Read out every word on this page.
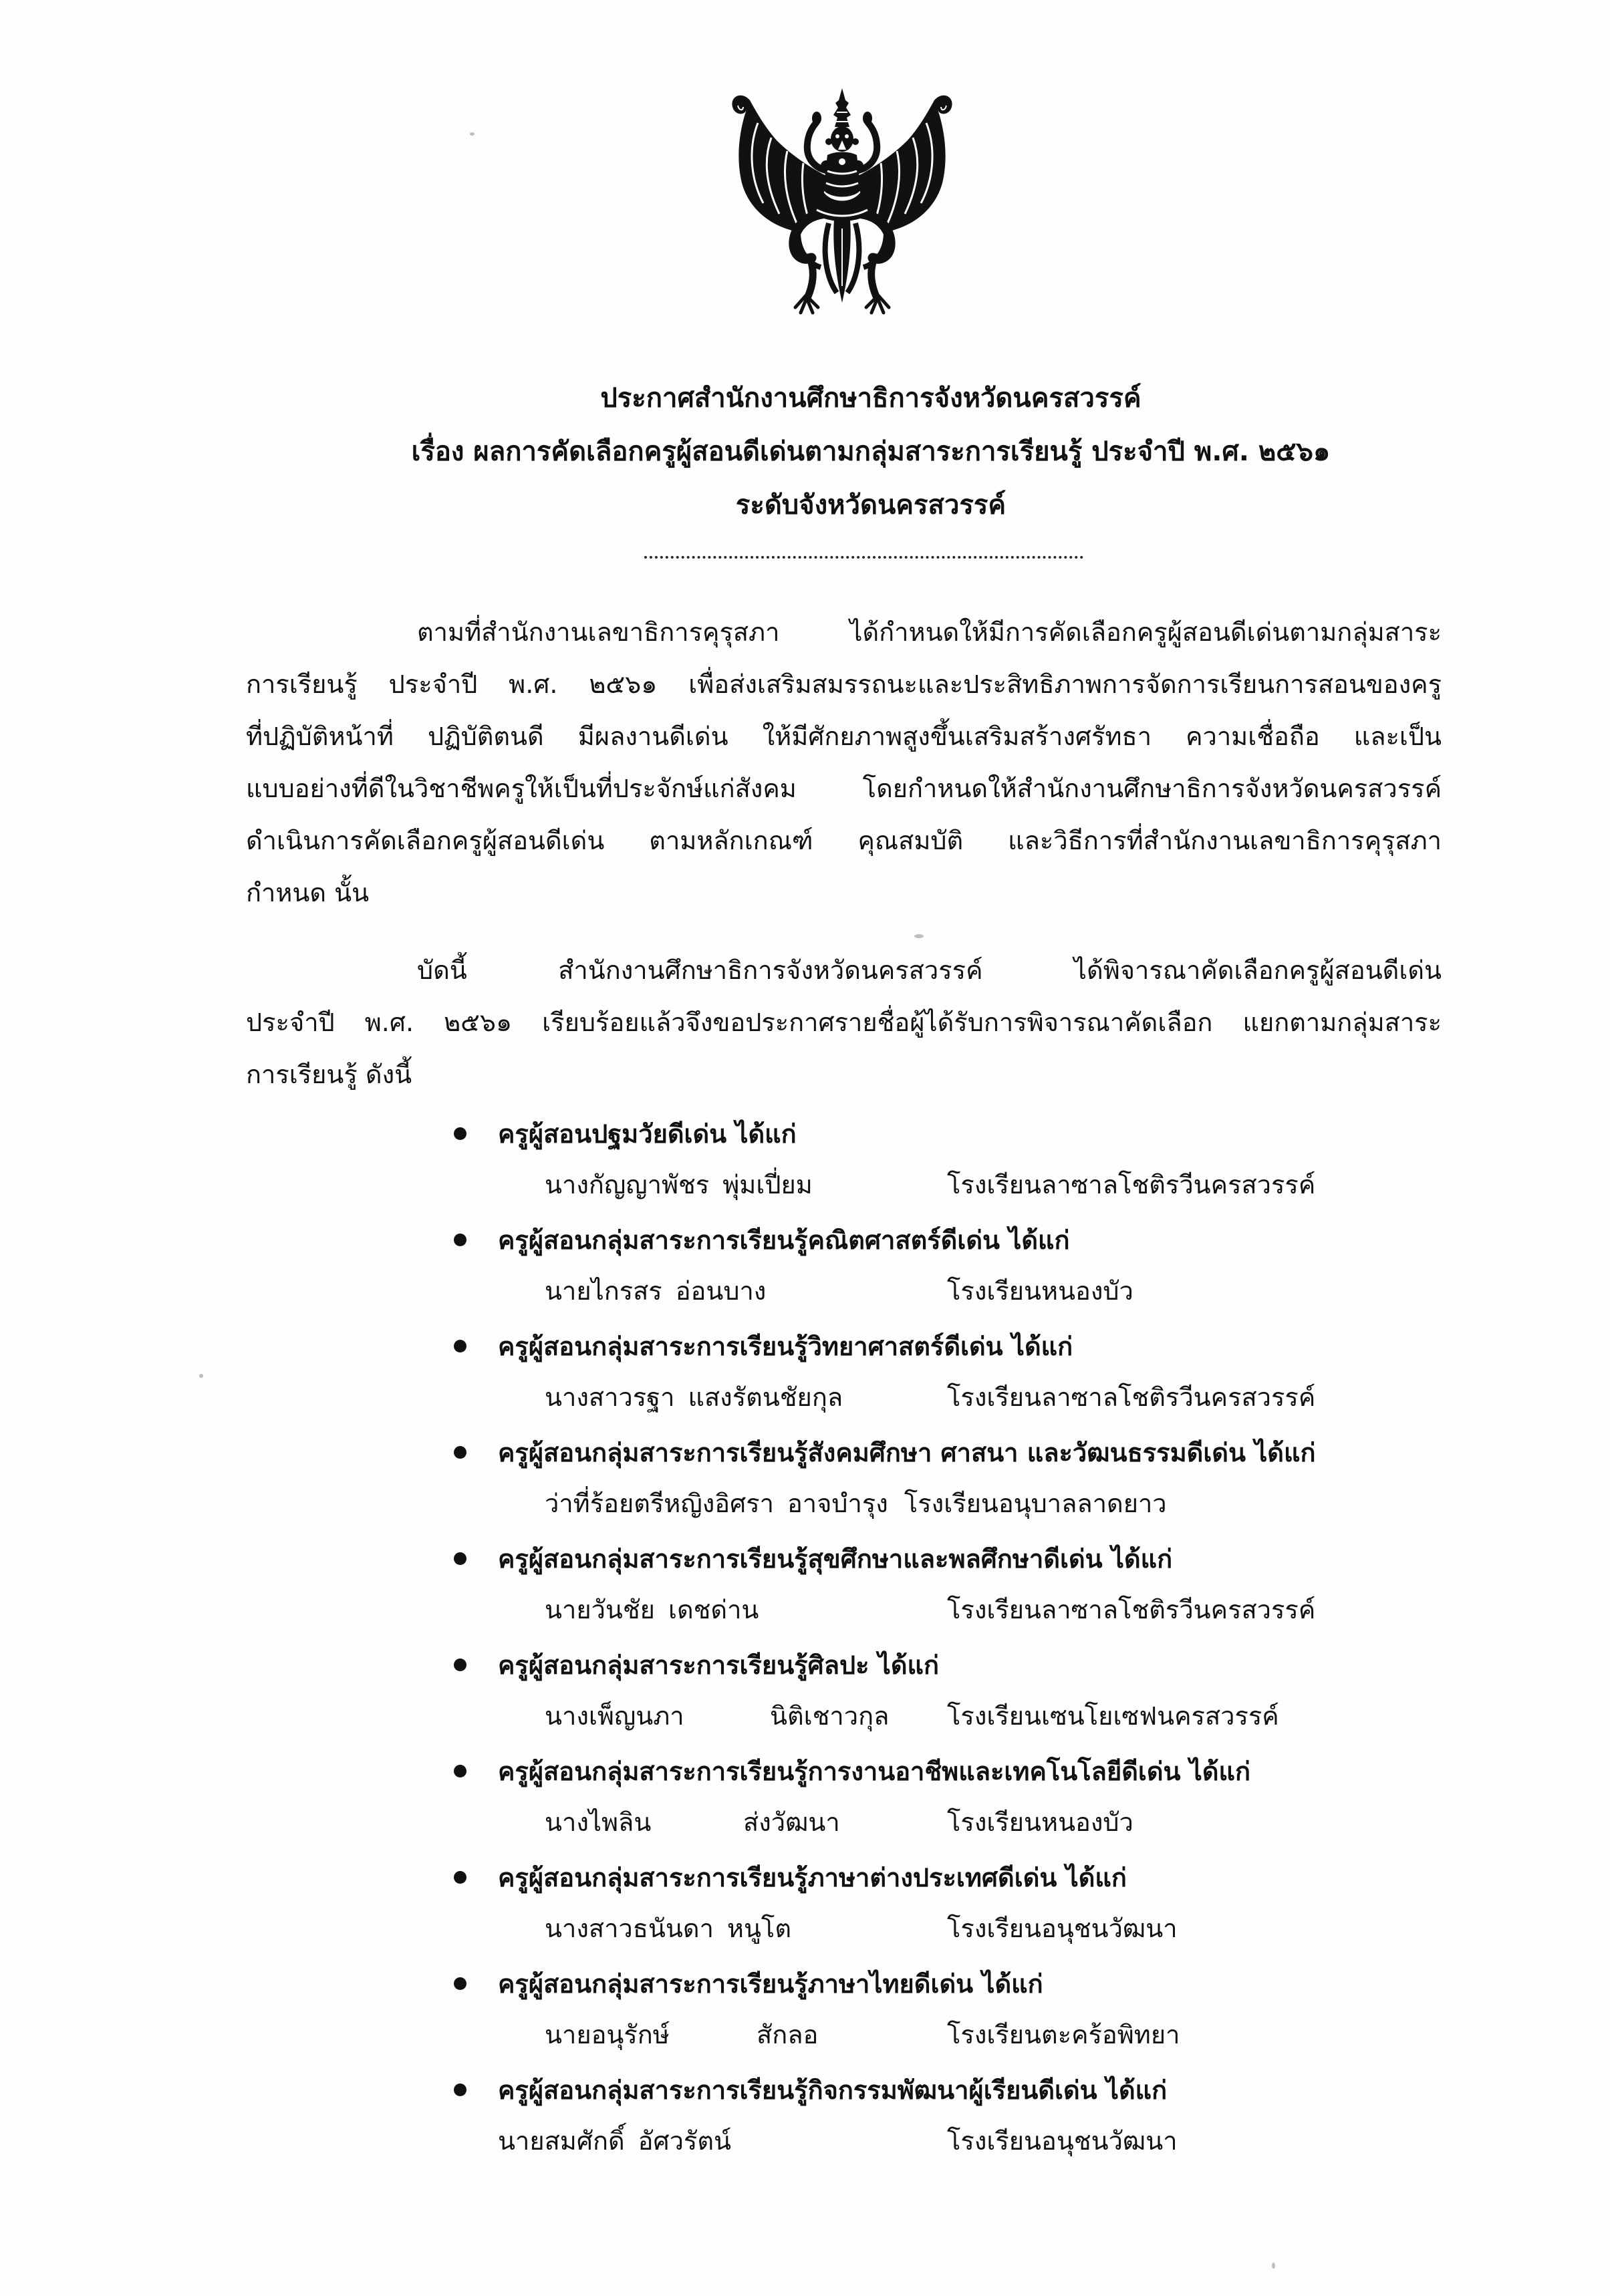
ประกาศสำนักงานศึกษาธิการจังหวัดนครสวรรค์
เรื่อง ผลการคัดเลือกครูผู้สอนดีเด่นตามกลุ่มสาระการเรียนรู้ ประจำปี พ.ศ. ๒๕๖๑
ระดับจังหวัดนครสวรรค์
ตามที่สำนักงานเลขาธิการคุรุสภา ได้กำหนดให้มีการคัดเลือกครูผู้สอนดีเด่นตามกลุ่มสาระ
การเรียนรู้ ประจำปี พ.ศ. ๒๕๖๑ เพื่อส่งเสริมสมรรถนะและประสิทธิภาพการจัดการเรียนการสอนของครู
ที่ปฏิบัติหน้าที่ ปฏิบัติตนดี มีผลงานดีเด่น ให้มีศักยภาพสูงขึ้นเสริมสร้างศรัทธา ความเชื่อถือ และเป็น
แบบอย่างที่ดีในวิชาชีพครูให้เป็นที่ประจักษ์แก่สังคม โดยกำหนดให้สำนักงานศึกษาธิการจังหวัดนครสวรรค์
ดำเนินการคัดเลือกครูผู้สอนดีเด่น ตามหลักเกณฑ์ คุณสมบัติ และวิธีการที่สำนักงานเลขาธิการคุรุสภา
กำหนด นั้น
บัดนี้ สำนักงานศึกษาธิการจังหวัดนครสวรรค์ ได้พิจารณาคัดเลือกครูผู้สอนดีเด่น
ประจำปี พ.ศ. ๒๕๖๑ เรียบร้อยแล้วจึงขอประกาศรายชื่อผู้ได้รับการพิจารณาคัดเลือก แยกตามกลุ่มสาระ
การเรียนรู้ ดังนี้
ครูผู้สอนปฐมวัยดีเด่น ได้แก่
นางกัญญาพัชร พุ่มเปี่ยม	โรงเรียนลาซาลโชติรวีนครสวรรค์
ครูผู้สอนกลุ่มสาระการเรียนรู้คณิตศาสตร์ดีเด่น ได้แก่
นายไกรสร อ่อนบาง	โรงเรียนหนองบัว
ครูผู้สอนกลุ่มสาระการเรียนรู้วิทยาศาสตร์ดีเด่น ได้แก่
นางสาวรฐา แสงรัตนชัยกุล	โรงเรียนลาซาลโชติรวีนครสวรรค์
ครูผู้สอนกลุ่มสาระการเรียนรู้สังคมศึกษา ศาสนา และวัฒนธรรมดีเด่น ได้แก่
ว่าที่ร้อยตรีหญิงอิศรา อาจบำรุง โรงเรียนอนุบาลลาดยาว
ครูผู้สอนกลุ่มสาระการเรียนรู้สุขศึกษาและพลศึกษาดีเด่น ได้แก่
นายวันชัย เดชด่าน	โรงเรียนลาซาลโชติรวีนครสวรรค์
ครูผู้สอนกลุ่มสาระการเรียนรู้ศิลปะ ได้แก่
นางเพ็ญนภา	นิติเชาวกุล โรงเรียนเซนโยเซฟนครสวรรค์
ครูผู้สอนกลุ่มสาระการเรียนรู้การงานอาชีพและเทคโนโลยีดีเด่น ได้แก่
นางไพลิน	ส่งวัฒนา	โรงเรียนหนองบัว
ครูผู้สอนกลุ่มสาระการเรียนรู้ภาษาต่างประเทศดีเด่น ได้แก่
นางสาวธนันดา หนูโต	โรงเรียนอนุชนวัฒนา
ครูผู้สอนกลุ่มสาระการเรียนรู้ภาษาไทยดีเด่น ได้แก่
นายอนุรักษ์	สักลอ	โรงเรียนตะคร้อพิทยา
ครูผู้สอนกลุ่มสาระการเรียนรู้กิจกรรมพัฒนาผู้เรียนดีเด่น ได้แก่
นายสมศักดิ์ อัศวรัตน์	โรงเรียนอนุชนวัฒนา
